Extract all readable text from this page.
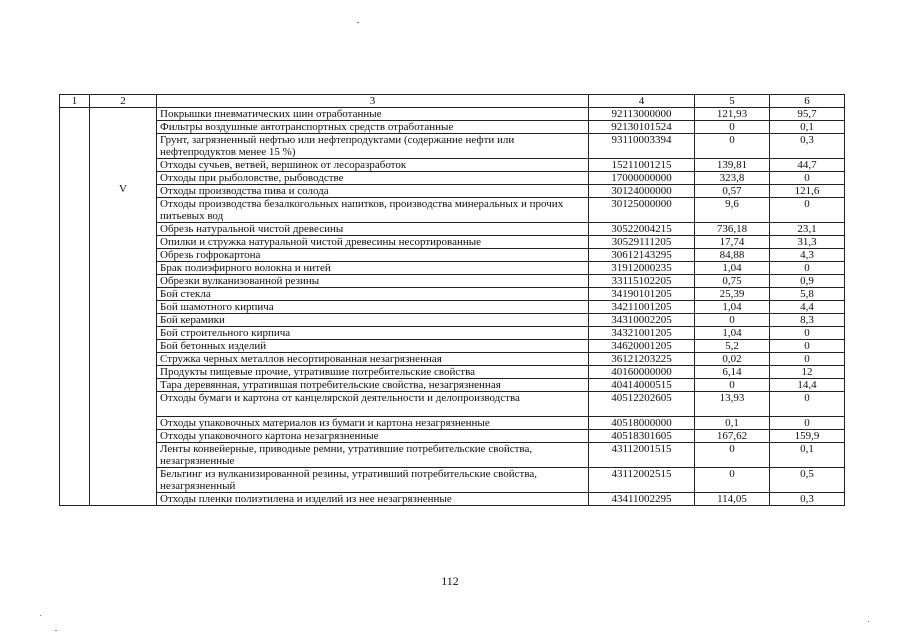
1	2	3	4	5	6

	V	Покрышки пневматических шин отработанные	92113000000	121,93	95,7
		Фильтры воздушные автотранспортных средств отработанные	92130101524	0	0,1
		Грунт, загрязненный нефтью или нефтепродуктами (содержание нефти или нефтепродуктов менее 15 %)	93110003394	0	0,3
		Отходы сучьев, ветвей, вершинок от лесоразработок	15211001215	139,81	44,7
		Отходы при рыболовстве, рыбоводстве	17000000000	323,8	0
		Отходы производства пива и солода	30124000000	0,57	121,6
		Отходы производства безалкогольных напитков, производства минеральных и прочих питьевых вод	30125000000	9,6	0
		Обрезь натуральной чистой древесины	30522004215	736,18	23,1
		Опилки и стружка натуральной чистой древесины несортированные	30529111205	17,74	31,3
		Обрезь гофрокартона	30612143295	84,88	4,3
		Брак полиэфирного волокна и нитей	31912000235	1,04	0
		Обрезки вулканизованной резины	33115102205	0,75	0,9
		Бой стекла	34190101205	25,39	5,8
		Бой шамотного кирпича	34211001205	1,04	4,4
		Бой керамики	34310002205	0	8,3
		Бой строительного кирпича	34321001205	1,04	0
		Бой бетонных изделий	34620001205	5,2	0
		Стружка черных металлов несортированная незагрязненная	36121203225	0,02	0
		Продукты пищевые прочие, утратившие потребительские свойства	40160000000	6,14	12
		Тара деревянная, утратившая потребительские свойства, незагрязненная	40414000515	0	14,4
		Отходы бумаги и картона от канцелярской деятельности и делопроизводства	40512202605	13,93	0
		Отходы упаковочных материалов из бумаги и картона незагрязненные	40518000000	0,1	0
		Отходы упаковочного картона незагрязненные	40518301605	167,62	159,9
		Ленты конвейерные, приводные ремни, утратившие потребительские свойства, незагрязненные	43112001515	0	0,1
		Бельтинг из вулканизированной резины, утративший потребительские свойства, незагрязненный	43112002515	0	0,5
		Отходы пленки полиэтилена и изделий из нее незагрязненные	43411002295	114,05	0,3
112
